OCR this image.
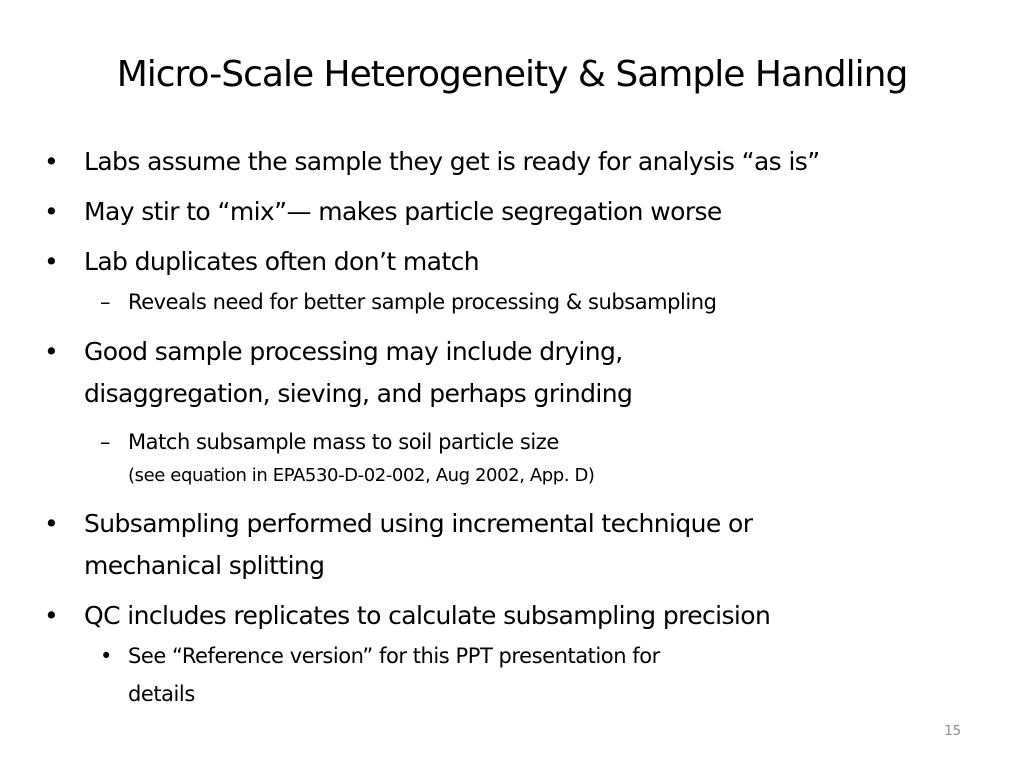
Micro-Scale Heterogeneity & Sample Handling
• Labs assume the sample they get is ready for analysis “as is”
• May stir to “mix”— makes particle segregation worse
• Lab duplicates often don’t match
– Reveals need for better sample processing & subsampling
• Good sample processing may include drying,
disaggregation, sieving, and perhaps grinding
– Match subsample mass to soil particle size
(see equation in EPA530-D-02-002, Aug 2002, App. D)
• Subsampling performed using incremental technique or
mechanical splitting
• QC includes replicates to calculate subsampling precision
• See “Reference version” for this PPT presentation for
details
15
